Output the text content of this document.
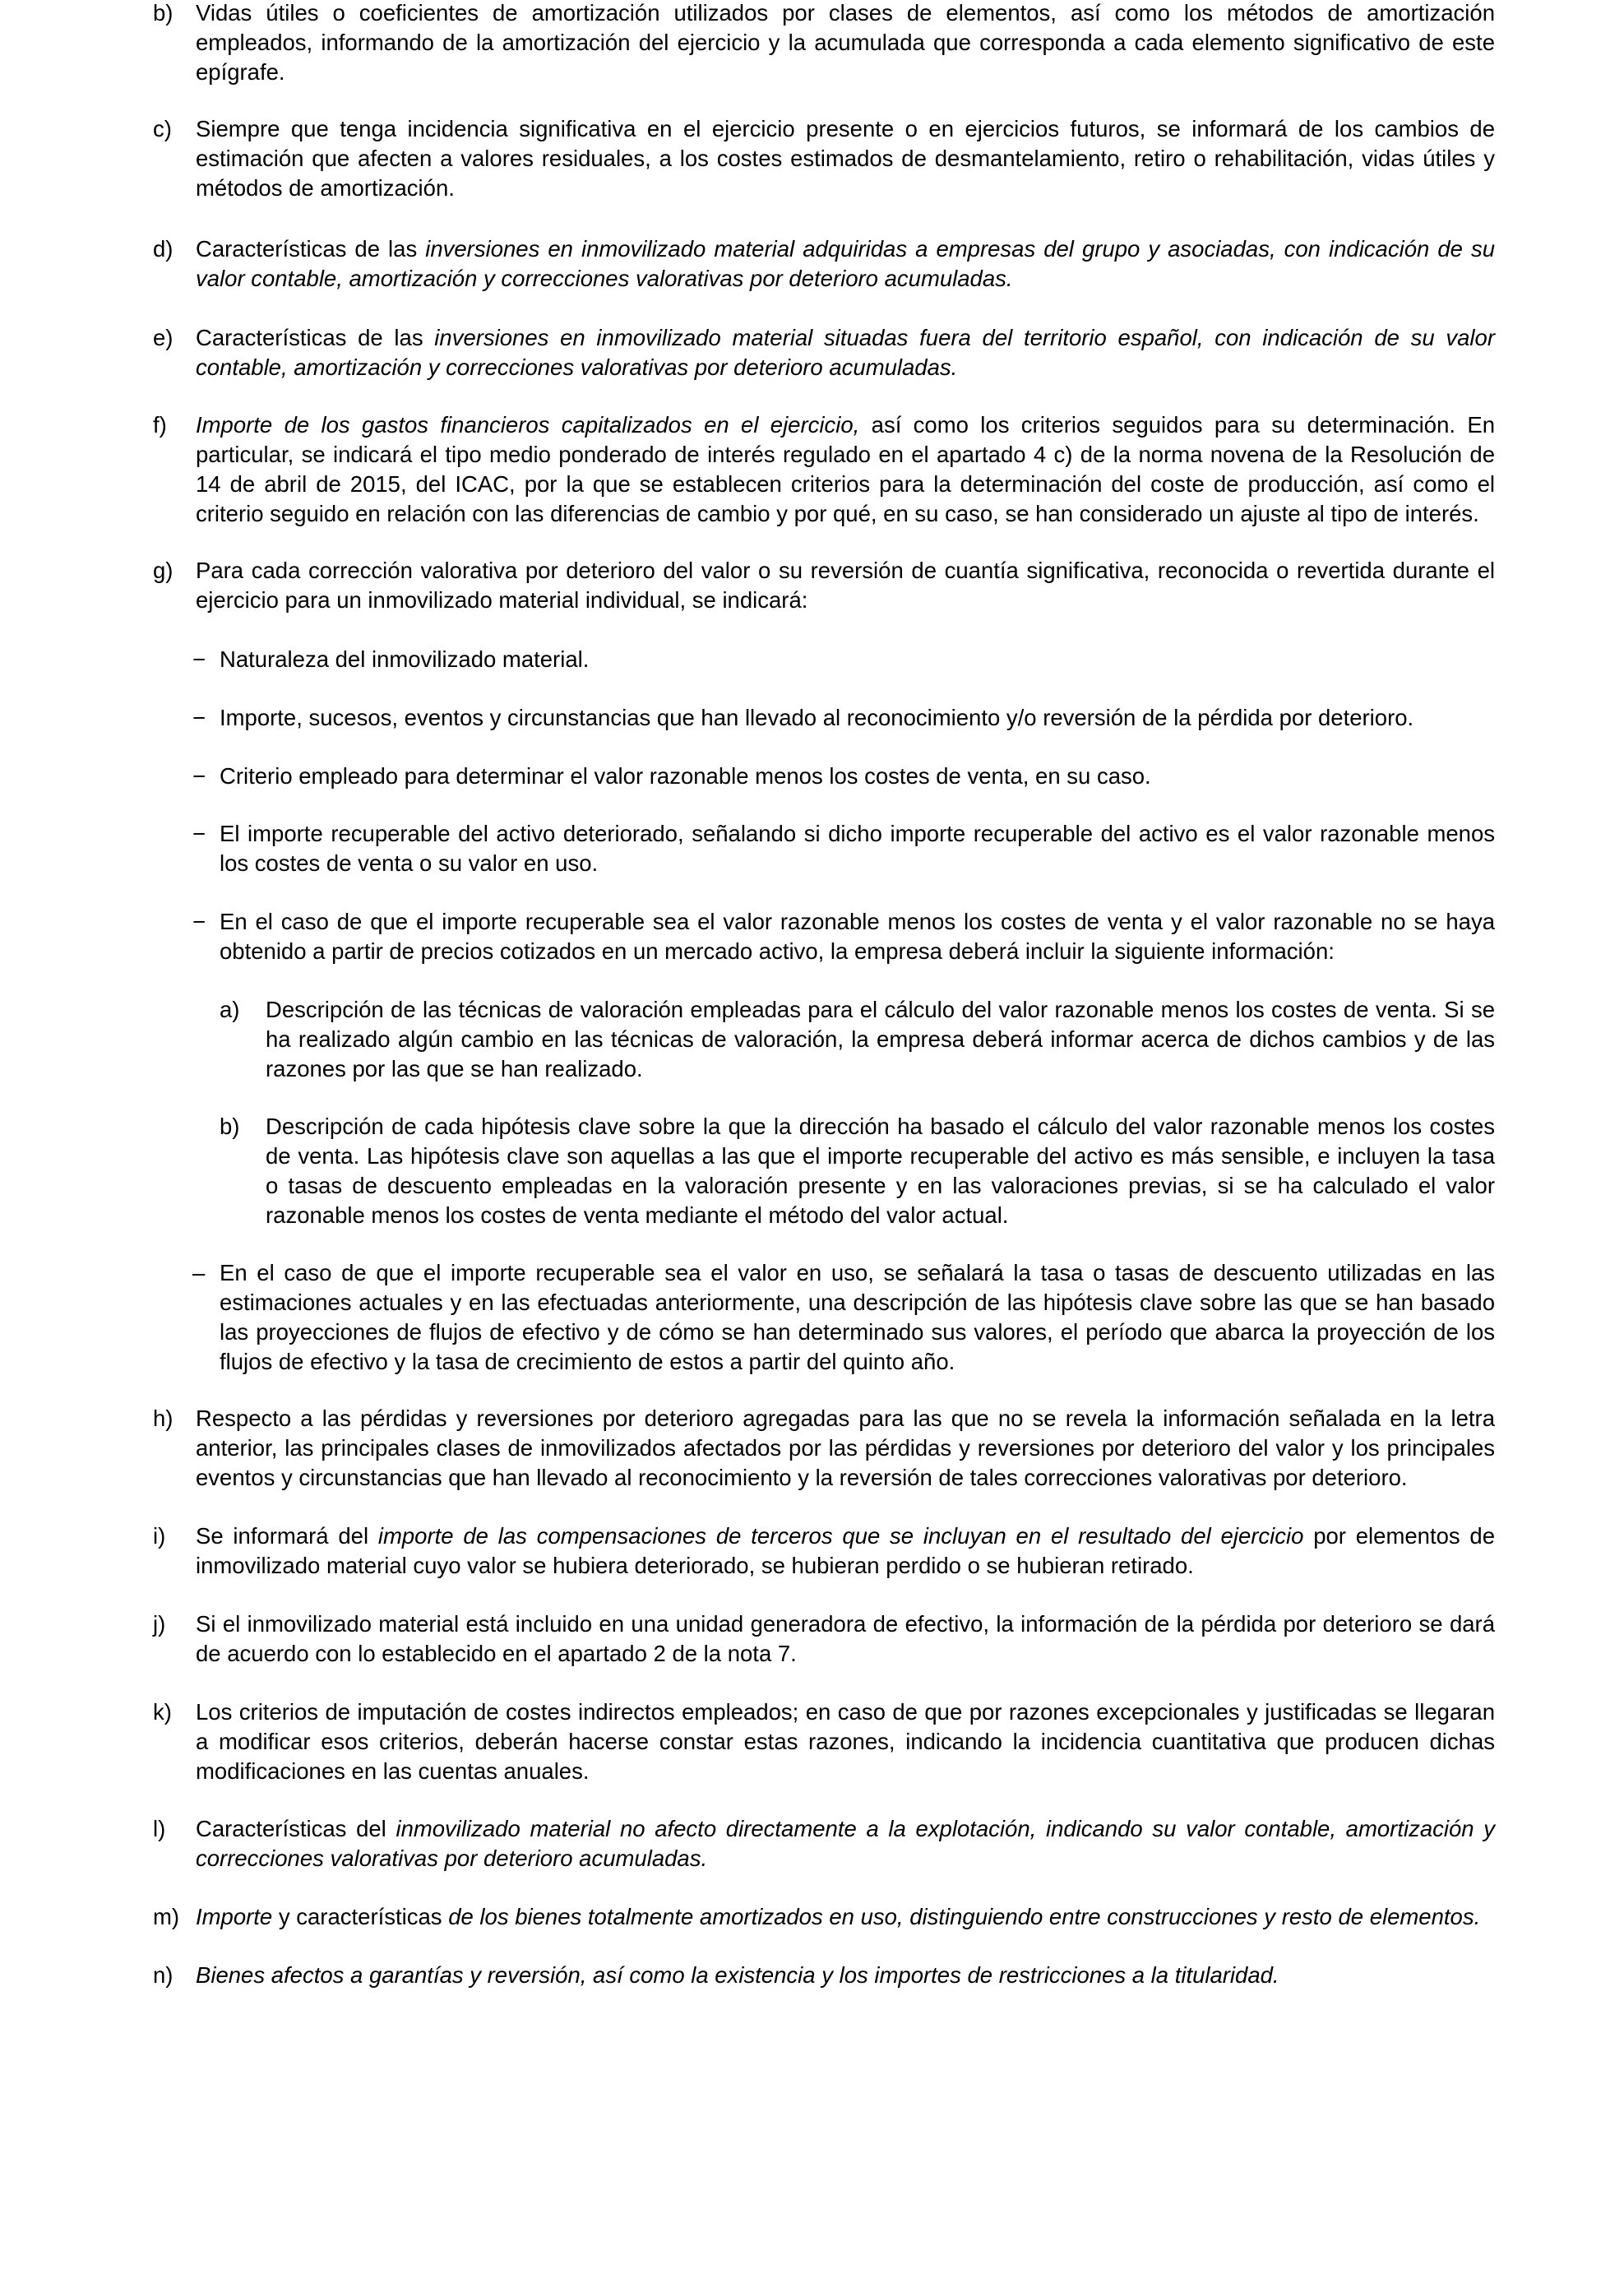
b) Vidas útiles o coeficientes de amortización utilizados por clases de elementos, así como los métodos de amortización empleados, informando de la amortización del ejercicio y la acumulada que corresponda a cada elemento significativo de este epígrafe.

c) Siempre que tenga incidencia significativa en el ejercicio presente o en ejercicios futuros, se informará de los cambios de estimación que afecten a valores residuales, a los costes estimados de desmantelamiento, retiro o rehabilitación, vidas útiles y métodos de amortización.

d) Características de las inversiones en inmovilizado material adquiridas a empresas del grupo y asociadas, con indicación de su valor contable, amortización y correcciones valorativas por deterioro acumuladas.

e) Características de las inversiones en inmovilizado material situadas fuera del territorio español, con indicación de su valor contable, amortización y correcciones valorativas por deterioro acumuladas.

f) Importe de los gastos financieros capitalizados en el ejercicio, así como los criterios seguidos para su determinación. En particular, se indicará el tipo medio ponderado de interés regulado en el apartado 4 c) de la norma novena de la Resolución de 14 de abril de 2015, del ICAC, por la que se establecen criterios para la determinación del coste de producción, así como el criterio seguido en relación con las diferencias de cambio y por qué, en su caso, se han considerado un ajuste al tipo de interés.

g) Para cada corrección valorativa por deterioro del valor o su reversión de cuantía significativa, reconocida o revertida durante el ejercicio para un inmovilizado material individual, se indicará:

− Naturaleza del inmovilizado material.

− Importe, sucesos, eventos y circunstancias que han llevado al reconocimiento y/o reversión de la pérdida por deterioro.

− Criterio empleado para determinar el valor razonable menos los costes de venta, en su caso.

− El importe recuperable del activo deteriorado, señalando si dicho importe recuperable del activo es el valor razonable menos los costes de venta o su valor en uso.

− En el caso de que el importe recuperable sea el valor razonable menos los costes de venta y el valor razonable no se haya obtenido a partir de precios cotizados en un mercado activo, la empresa deberá incluir la siguiente información:

a) Descripción de las técnicas de valoración empleadas para el cálculo del valor razonable menos los costes de venta. Si se ha realizado algún cambio en las técnicas de valoración, la empresa deberá informar acerca de dichos cambios y de las razones por las que se han realizado.

b) Descripción de cada hipótesis clave sobre la que la dirección ha basado el cálculo del valor razonable menos los costes de venta. Las hipótesis clave son aquellas a las que el importe recuperable del activo es más sensible, e incluyen la tasa o tasas de descuento empleadas en la valoración presente y en las valoraciones previas, si se ha calculado el valor razonable menos los costes de venta mediante el método del valor actual.

– En el caso de que el importe recuperable sea el valor en uso, se señalará la tasa o tasas de descuento utilizadas en las estimaciones actuales y en las efectuadas anteriormente, una descripción de las hipótesis clave sobre las que se han basado las proyecciones de flujos de efectivo y de cómo se han determinado sus valores, el período que abarca la proyección de los flujos de efectivo y la tasa de crecimiento de estos a partir del quinto año.

h) Respecto a las pérdidas y reversiones por deterioro agregadas para las que no se revela la información señalada en la letra anterior, las principales clases de inmovilizados afectados por las pérdidas y reversiones por deterioro del valor y los principales eventos y circunstancias que han llevado al reconocimiento y la reversión de tales correcciones valorativas por deterioro.

i) Se informará del importe de las compensaciones de terceros que se incluyan en el resultado del ejercicio por elementos de inmovilizado material cuyo valor se hubiera deteriorado, se hubieran perdido o se hubieran retirado.

j) Si el inmovilizado material está incluido en una unidad generadora de efectivo, la información de la pérdida por deterioro se dará de acuerdo con lo establecido en el apartado 2 de la nota 7.

k) Los criterios de imputación de costes indirectos empleados; en caso de que por razones excepcionales y justificadas se llegaran a modificar esos criterios, deberán hacerse constar estas razones, indicando la incidencia cuantitativa que producen dichas modificaciones en las cuentas anuales.

l) Características del inmovilizado material no afecto directamente a la explotación, indicando su valor contable, amortización y correcciones valorativas por deterioro acumuladas.

m) Importe y características de los bienes totalmente amortizados en uso, distinguiendo entre construcciones y resto de elementos.

n) Bienes afectos a garantías y reversión, así como la existencia y los importes de restricciones a la titularidad.
